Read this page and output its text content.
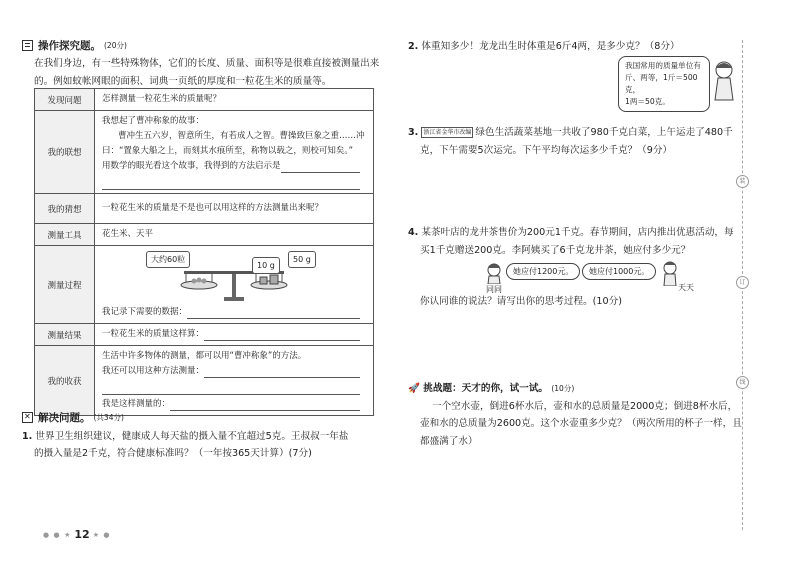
操作探究题。 (20分)
在我们身边，有一些特殊物体，它们的长度、质量、面积等是很难直接被测量出来的。例如蚊帐网眼的面积、词典一页纸的厚度和一粒花生米的质量等。
发现问题	怎样测量一粒花生米的质量呢？
我的联想	我想起了曹冲称象的故事：
曹冲生五六岁，智意所生，有若成人之智。曹操致巨象之重……冲曰：“置象大船之上，而刻其水痕所至，称物以载之，则校可知矣。”
用数学的眼光看这个故事，我得到的方法启示是

我的猜想	一粒花生米的质量是不是也可以用这样的方法测量出来呢？
测量工具	花生米、天平
测量过程	大约60粒
10 g
50 g
我记录下需要的数据：

测量结果	一粒花生米的质量这样算：

我的收获	生活中许多物体的测量，都可以用“曹冲称象”的方法。
我还可以用这种方法测量：
我是这样测量的：
✕
解决问题。 (共34分)
1. 世界卫生组织建议，健康成人每天盐的摄入量不宜超过5克。王叔叔一年盐
的摄入量是2千克，符合健康标准吗？（一年按365天计算）(7分)
● ● ★ 12 ★ ●
2. 体重知多少！龙龙出生时体重是6斤4两，是多少克？（8分）
我国常用的质量单位有
斤、两等，1斤＝500克，
1两＝50克。
3. 浙江省金华市改编 绿色生活蔬菜基地一共收了980千克白菜，上午运走了480千
克，下午需要5次运完。下午平均每次运多少千克？（9分）
4. 某茶叶店的龙井茶售价为200元1千克。春节期间，店内推出优惠活动，每
买1千克赠送200克。李阿姨买了6千克龙井茶，她应付多少元？
她应付1200元。
同同
她应付1000元。
天天
你认同谁的说法？请写出你的思考过程。(10分)
🚀 挑战题：天才的你，试一试。 (10分)
一个空水壶，倒进6杯水后，壶和水的总质量是2000克；倒进8杯水后，
壶和水的总质量为2600克。这个水壶重多少克？（两次所用的杯子一样，且
都盛满了水）
装
订
线
